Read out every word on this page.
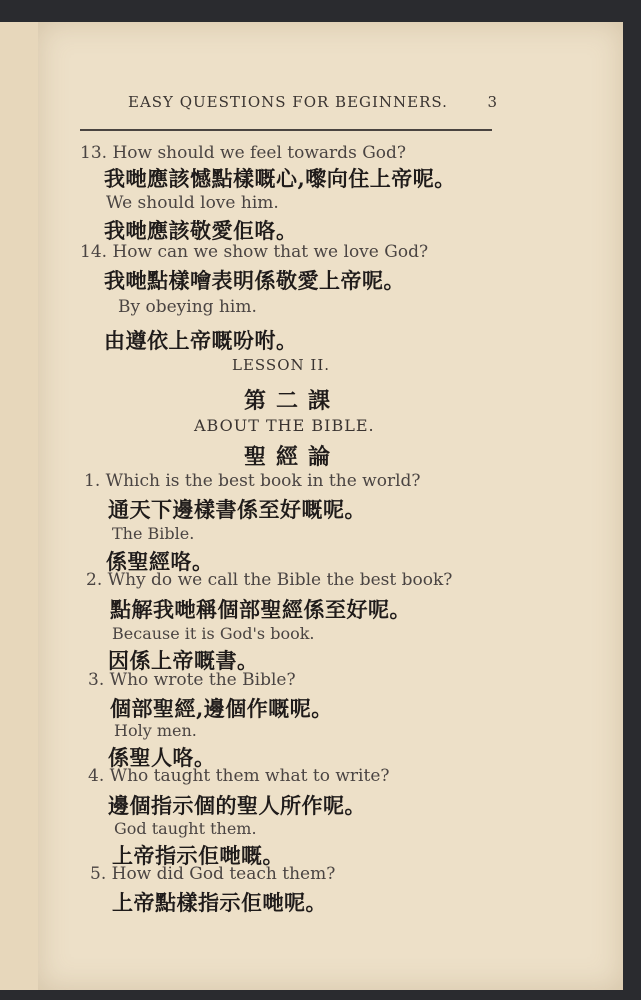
EASY QUESTIONS FOR BEGINNERS.	3
13. How should we feel towards God?
我哋應該憾點樣嘅心,嚟向住上帝呢。
We should love him.
我哋應該敬愛佢咯。
14. How can we show that we love God?
我哋點樣噲表明係敬愛上帝呢。
By obeying him.
由遵依上帝嘅吩咐。
LESSON II.
第二課
ABOUT THE BIBLE.
聖經論
1. Which is the best book in the world?
通天下邊樣書係至好嘅呢。
The Bible.
係聖經咯。
2. Why do we call the Bible the best book?
點解我哋稱個部聖經係至好呢。
Because it is God's book.
因係上帝嘅書。
3. Who wrote the Bible?
個部聖經,邊個作嘅呢。
Holy men.
係聖人咯。
4. Who taught them what to write?
邊個指示個的聖人所作呢。
God taught them.
上帝指示佢哋嘅。
5. How did God teach them?
上帝點樣指示佢哋呢。
